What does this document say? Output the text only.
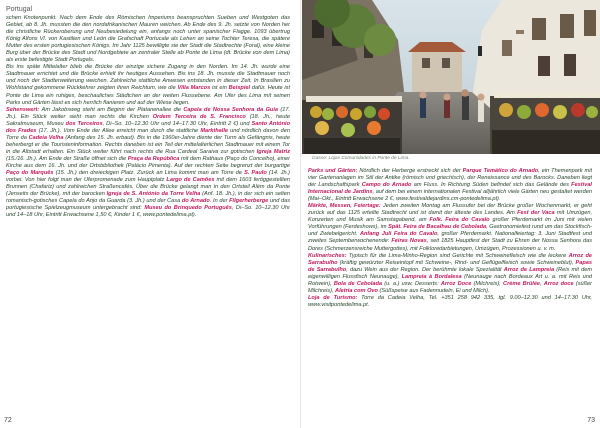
Portugal
72	73

schen Knotenpunkt. Nach dem Ende des Römischen Imperiums beanspruchten Sueben und Westgoten das Gebiet, ab 8. Jh. mussten die den nordafrikanischen Mauren weichen. Ab Ende des 9. Jh. setzte von Norden her die christliche Rückeroberung und Neubesiedelung ein, anfangs noch unter spanischer Flagge. 1093 übertrug König Alfons VI. von Kastilien und León die Grafschaft Portucale als Lehen an seine Tochter Teresa, die spätere Mutter des ersten portugiesischen Königs. Im Jahr 1125 bewilligte sie der Stadt die Stadtrechte (Foral), eine kleine Burg über der Brücke des Stadt und Nordgebiete an zentraler Stelle ab Ponte de Lima (dt. Brücke von dem Lima) als erste befestigte Stadt Portugals.

Bis ins späte Mittelalter blieb die Brücke der einzige sichere Zugang in den Norden. Im 14. Jh. wurde eine Stadtmauer errichtet und die Brücke erhielt ihr heutiges Aussehen. Bis ins 18. Jh. musste die Stadtmauer noch und noch der Stadterweiterung weichen. Zahlreiche stattliche Anwesen entstanden in dieser Zeit. In Brasilien zu Wohlstand gekommene Rückkehrer zeigten ihren Reichtum, wie die Villa Marcos ist ein Beispiel dafür. Heute ist Ponte de Lima ein ruhiges, beschauliches Städtchen an der weiten Flussebene. Am Ufer des Lima mit seinen Parks und Gärten lässt es sich herrlich flanieren und auf der Wiese liegen.

Sehenswert: Am Jakobsweg steht am Beginn der Platanenallee die Capela de Nossa Senhora da Guia (17. Jh.). Ein Stück weiter sieht man rechts die Kirchen Ordem Terceira de S. Francisco (18. Jh., heute Sakralmuseum, Museu dos Terceiros, Di–So. 10–12.30 Uhr und 14–17.30 Uhr, Eintritt 2 €) und Santo António dos Frades (17. Jh.). Vom Ende der Allee erreicht man durch die stattliche Markthalle und nördlich davon den Torre da Cadeia Velha (Anfang des 15. Jh. erbaut). Bis in die 1960er-Jahre diente der Turm als Gefängnis, heute beherbergt er die Touristeninformation. Rechts daneben ist ein Teil der mittelalterlichen Stadtmauer mit einem Tor in die Altstadt erhalten. Ein Stück weiter führt nach rechts die Rua Cardeal Saraiva zur gotischen Igreja Matriz (15./16. Jh.). Am Ende der Straße öffnet sich die Praça da República mit dem Rathaus (Paço do Concelho), einer Kirche aus dem 16. Jh. und der Ortsbibliothek (Palácio Pimenta). Auf der rechten Seite begrenzt der burgartige Paço do Marquês (15. Jh.) den dreieckigen Platz. Zurück an Lima kommt man am Torre de S. Paulo (14. Jh.) vorbei. Von hier folgt man der Uferpromenade zum Hauptplatz Largo de Camões mit dem 1603 fertiggestellten Brunnen (Chafariz) und zahlreichen Straßencafés. Über die Brücke gelangt man in den Ortsteil Além da Ponte (Jenseits der Brücke), mit der barocken Igreja de S. António da Torre Velha (Anf. 18. Jh.), in der sich ein selten romanisch-gotisches Capela do Anjo da Guarda (3. Jh.) und der Casa do Arnado. In der Filgerherberge und das portugiesische Spielzeugmuseum untergebracht sind: Museu do Brinquedo Português, Di–So. 10–12.30 Uhr und 14–18 Uhr, Eintritt Erwachsene 1,50 €, Kinder 1 €, www.pontedelima.pt).

Gasse: Lojas Comunidades in Ponte de Lima.

Parks und Gärten: Nördlich der Herberge erstreckt sich der Parque Temático do Arnado, ein Themenpark mit vier Gartenanlagen im Stil der Antike (römisch und griechisch), der Renaissance und des Barocks. Daneben liegt der Landschaftspark Campo do Arnado am Fluss. In Richtung Süden befindet sich das Gelände des Festival Internacional de Jardins, auf dem bei einem internationalen Festival alljährlich viele Gärten neu gestaltet werden (Mai–Okt., Eintritt Erwachsene 2 €, www.festivaldejardins.cm-pontedelima.pt).

Märkte, Messen, Feiertage: Jeden zweiten Montag am Flussufer bei der Brücke großer Wochenmarkt, er geht zurück auf das 1125 erteilte Stadtrecht und ist damit der älteste des Landes. Am Fest der Vaca mit Umzügen, Konzerten und Musik am Samstagabend, am Folk. Feira do Cavalo großer Pferdemarkt im Juni mit vielen Vorführungen (Ferdeshows), im Spät. Feira de Bacalhau de Cebolada, Gastronomiefest rund um das Stockfisch- und Zwiebelgericht. Anfang Juli Feira do Cavalo, großer Pferdemarkt. Nationalfeiertag: 3. Juni Stadtfest und zweites Septemberwochenende: Feiras Novas, seit 1825 Hauptfest der Stadt zu Ehren der Nossa Senhora das Dores (Schmerzensreiche Muttergottes), mit Folkloredarbietungen, Umzügen, Prozessionen u. v. m.

Kulinarisches: Typisch für die Lima-Minho-Region sind Gerichte mit Schweinefleisch wie die leckere Arroz de Sarrabulho (kräftig gewürzter Reiseintopf mit Schweine-, Rind- und Geflügelfleisch sowie Schweineblut), Papas de Sarrabulho, dazu Wein aus der Region. Der berühmte lokale Spezialität Arroz de Lampreia (Reis mit dem eigenwilligen Flussfisch Neunauge), Lampreia à Bordalesa (Neunauge nach Bordeaux Art u. a. mit Reis und Rotwein), Bola de Cebolada (u. a.) usw. Desserts: Arroz Doce (Milchreis), Crème Brûlée, Arroz doce (süßer Milchreis), Aletria com Ovo (Süßspeise aus Fadennudeln, Ei und Milch).

Loja de Turismo: Torre da Cadeia Velha, Tel. +351 258 942 335, tgl. 9.00–12.30 und 14–17.30 Uhr, www.visitpontedelima.pt.
